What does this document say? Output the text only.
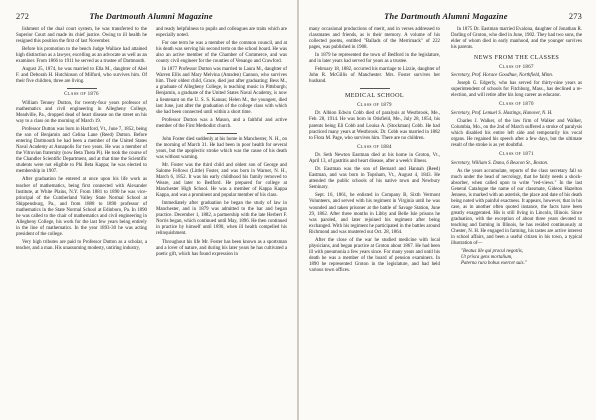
272	The Dartmouth Alumni Magazine

lishment of the dual court system, he was transferred to the Superior Court and made its chief justice. Owing to ill health he resigned this position the first of last November.

Before his promotion to the bench Judge Wallace had attained high distinction as a lawyer, excelling as an advocate as well as an examiner. From 1866 to 1911 he served as a trustee of Dartmouth.

August 25, 1874, he was married to Ella M., daughter of Abel F. and Deborah H. Hutchinson of Milford, who survives him. Of their five children, three are living.

Class of 1876

William Tenney Dutton, for twenty-four years professor of mathematics and civil engineering in Allegheny College, Meadville, Pa., dropped dead of heart disease on the street on his way to a class on the morning of March 19.

Professor Dutton was born in Hartford, Vt., June 7, 1852, being the son of Benjamin and Celina Lane (Reed) Dutton. Before entering Dartmouth he had been a member of the United States Naval Academy at Annapolis for two years. He was a member of the Vitruvian fraternity (now Beta Theta Pi). He took the course of the Chandler Scientific Department, and at that time the Scientific students were not eligible to Phi Beta Kappa; he was elected to membership in 1907.

After graduation he entered at once upon his life work as teacher of mathematics, being first connected with Alexander Institute, at White Plains, N.Y. From 1881 to 1890 he was vice-principal of the Cumberland Valley State Normal School at Shippensburg, Pa., and from 1888 to 1890 professor of mathematics in the State Normal School at Edinboro, Pa. In 1890 he was called to the chair of mathematics and civil engineering in Allegheny College, his work for the last few years being entirely in the line of mathematics. In the year 1893-30 he was acting president of the college.

Very high tributes are paid to Professor Dutton as a scholar, a teacher, and a man. His unassuming modesty, untiring industry,

and ready helpfulness to pupils and colleagues are traits which are especially noted.

For one term he was a member of the common council, and at his death was serving his second term on the school board. He was also an active member of the Chamber of Commerce, and was county civil engineer for the counties of Venango and Crawford.

In 1877 Professor Dutton was married to Laura M., daughter of Warren Ellis and Mary Melvina (Amsden) Cannon, who survives him. Their oldest child, Grace, died just after graduating; Bess M., a graduate of Allegheny College, is teaching music in Pittsburgh; Benjamin, a graduate of the United States Naval Academy, is now a lieutenant on the U. S. S. Kansas; Helen M., the youngest, died last June, just after the graduation of the college class with which she had been connected until within a short time.

Professor Dutton was a Mason, and a faithful and active member of the First Methodist church.

John Foster died suddenly at his home in Manchester, N. H., on the morning of March 31. He had been in poor health for several years, but the apoplectic stroke which was the cause of his death was without warning.

Mr. Foster was the third child and oldest son of George and Salome Fellows (Little) Foster, and was born in Warner, N. H., March 6, 1852. It was his early childhood his family removed to Weare, and later to Bedford. He prepared for college at Manchester High School. He was a member of Kappa Kappa Kappa, and was a prominent and popular member of his class.

Immediately after graduation he began the study of law in Manchester, and in 1879 was admitted to the bar and began practice. December 1, 1882, a partnership with the late Herbert F. Norris began, which continued until May, 1896. He then continued in practice by himself until 1890, when ill health compelled his relinquishment.

Throughout his life Mr. Foster has been known as a sportsman and a lover of nature, and during his later years he has cultivated a poetic gift, which has found expression in

The Dartmouth Alumni Magazine	273

many occasional productions of merit, and in verses addressed to classmates and friends, as is their memory. A volume of his collected poems, entitled "Ballads of the Merrimack" of 222 pages, was published in 1908.

In 1879 he represented the town of Bedford in the legislature, and in later years had served for years as a trustee.

February 18, 1882, occurred his marriage to Lizzie, daughter of John R. McGillis of Manchester. Mrs. Foster survives her husband.

MEDICAL SCHOOL
Class of 1879

Dr. Albion Edwin Cobb died of paralysis at Westbrook, Me., Feb. 28, 1914. He was born in Otisfield, Me., July 28, 1854, his parents being Eli Cobb and Louisa A. (Stockman) Cobb. He had practiced many years at Westbrook. Dr. Cobb was married in 1882 to Flora M. Page, who survives him. There are no children.

Class of 1884

Dr. Seth Newton Eastman died at his home in Groton, Vt., April 13, of gastritis and heart disease, after a week's illness.

Dr. Eastman was the son of Bernard and Hannah (Reed) Eastman, and was born in Topsham, Vt., August 4, 1843. He attended the public schools of his native town and Newbury Seminary.

Sept. 16, 1861, he enlisted in Company B, Sixth Vermont Volunteers, and served with his regiment in Virginia until he was wounded and taken prisoner at the battle of Savage Station, June 29, 1862. After three months in Libby and Belle Isle prisons he was paroled, and later rejoined his regiment after being exchanged. With his regiment he participated in the battles around Richmond and was mustered out Oct. 28, 1864.

After the close of the war he studied medicine with local physicians, and began practice at Groton about 1867. He had been ill with pneumonia a few years since. For many years and until his death he was a member of the board of pension examiners. In 1890 he represented Groton in the legislature, and had held various town offices.

In 1875 Dr. Eastman married Evalona, daughter of Jonathan R. Darling of Groton, who died in June, 1902. They had two sons, the elder of whom died in early manhood, and the younger survives his parents.

NEWS FROM THE CLASSES
Class of 1867

Secretary, Prof. Horace Goodhue, Northfield, Minn.

Joseph G. Edgerly, who has served for thirty-nine years as superintendent of schools for Fitchburg, Mass., has declined a re-election, and will retire after his long career as educator.

Class of 1870

Secretary, Prof. Lemuel S. Hastings, Hanover, N. H.

Charles J. Walker, of the law firm of Walker and Walker, Columbia, Mo., on the 2nd of March suffered a stroke of paralysis which disabled his entire left side and temporarily his vocal organs. He regained his speech after a few days, but the ultimate result of the stroke is as yet doubtful.

Class of 1871

Secretary, William S. Dana, 6 Beacon St., Boston.

As the years accumulate, reports of the class secretary fall so much under the head of necrology, that he fairly needs a shock-absorber, when called upon to write "red-views." In the last General Catalogue the name of our classmate, Gideon Hazelton Jenness, is marked with an asterisk, the place and date of his death being noted with painful exactness. It appears, however, that in his case, as in another often quoted instance, the facts have been greatly exaggerated. His is still living in Lincoln, Illinois. Since graduation, with the exception of about three years devoted to teaching and farming in Illinois, he has resided continuously at Chester, N. H. He engaged in farming, his tastes are active interest in school affairs, and been a useful citizen in his town, a typical illustration of—

"Beatus ille qui procul negotiis,

Ut prisca gens mortalium,

Paterna rura bobus exercet suis."
